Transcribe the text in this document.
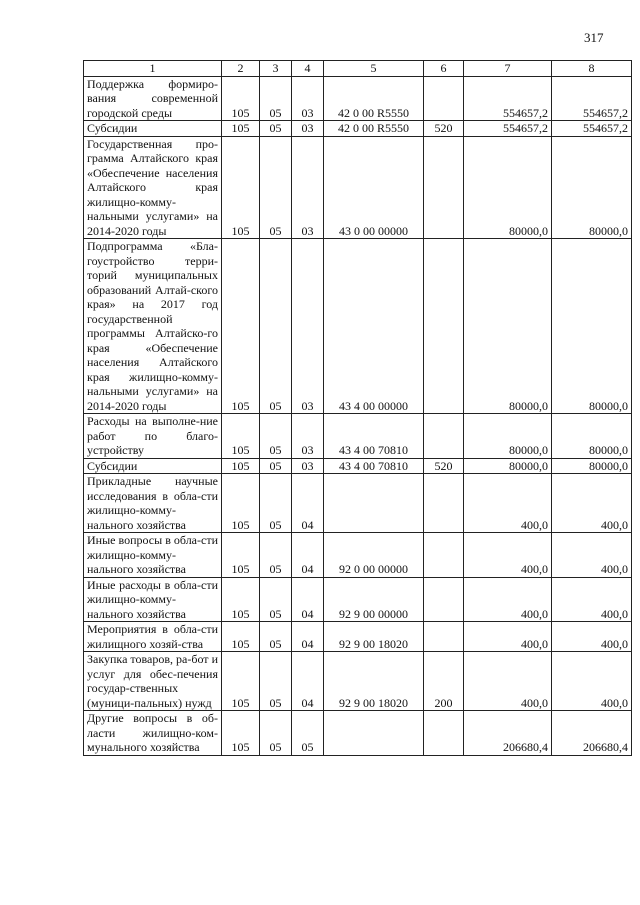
317
1	2	3	4	5	6	7	8
Поддержка формиро-вания современной городской среды	105	05	03	42 0 00 R5550		554657,2	554657,2
Субсидии	105	05	03	42 0 00 R5550	520	554657,2	554657,2
Государственная про-грамма Алтайского края «Обеспечение населения Алтайского края жилищно-комму-нальными услугами» на 2014-2020 годы	105	05	03	43 0 00 00000		80000,0	80000,0
Подпрограмма «Бла-гоустройство терри-торий муниципальных образований Алтай-ского края» на 2017 год государственной программы Алтайско-го края «Обеспечение населения Алтайского края жилищно-комму-нальными услугами» на 2014-2020 годы	105	05	03	43 4 00 00000		80000,0	80000,0
Расходы на выполне-ние работ по благо-устройству	105	05	03	43 4 00 70810		80000,0	80000,0
Субсидии	105	05	03	43 4 00 70810	520	80000,0	80000,0
Прикладные научные исследования в обла-сти жилищно-комму-нального хозяйства	105	05	04			400,0	400,0
Иные вопросы в обла-сти жилищно-комму-нального хозяйства	105	05	04	92 0 00 00000		400,0	400,0
Иные расходы в обла-сти жилищно-комму-нального хозяйства	105	05	04	92 9 00 00000		400,0	400,0
Мероприятия в обла-сти жилищного хозяй-ства	105	05	04	92 9 00 18020		400,0	400,0
Закупка товаров, ра-бот и услуг для обес-печения государ-ственных (муници-пальных) нужд	105	05	04	92 9 00 18020	200	400,0	400,0
Другие вопросы в об-ласти жилищно-ком-мунального хозяйства	105	05	05			206680,4	206680,4
